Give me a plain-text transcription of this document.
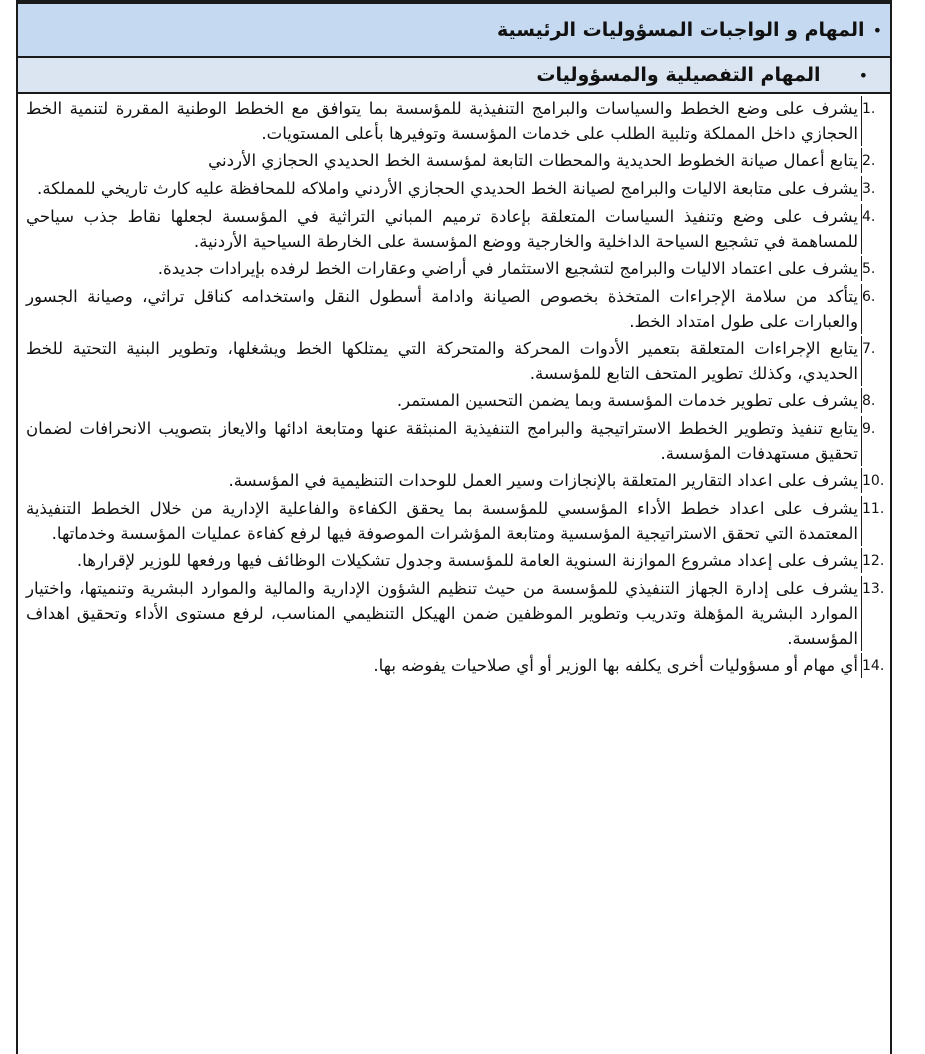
•
المهام و الواجبات المسؤوليات الرئيسية
•
المهام التفصيلية والمسؤوليات
1.
يشرف على وضع الخطط والسياسات والبرامج التنفيذية للمؤسسة بما يتوافق مع الخطط الوطنية المقررة لتنمية الخط الحجازي داخل المملكة وتلبية الطلب على خدمات المؤسسة وتوفيرها بأعلى المستويات.
2.
يتابع أعمال صيانة الخطوط الحديدية والمحطات التابعة لمؤسسة الخط الحديدي الحجازي الأردني
3.
يشرف على متابعة الاليات والبرامج لصيانة الخط الحديدي الحجازي الأردني واملاكه للمحافظة عليه كارث تاريخي للمملكة.
4.
يشرف على وضع وتنفيذ السياسات المتعلقة بإعادة ترميم المباني التراثية في المؤسسة لجعلها نقاط جذب سياحي للمساهمة في تشجيع السياحة الداخلية والخارجية ووضع المؤسسة على الخارطة السياحية الأردنية.
5.
يشرف على اعتماد الاليات والبرامج لتشجيع الاستثمار في أراضي وعقارات الخط لرفده بإيرادات جديدة.
6.
يتأكد من سلامة الإجراءات المتخذة بخصوص الصيانة وادامة أسطول النقل واستخدامه كناقل تراثي، وصيانة الجسور والعبارات على طول امتداد الخط.
7.
يتابع الإجراءات المتعلقة بتعمير الأدوات المحركة والمتحركة التي يمتلكها الخط ويشغلها، وتطوير البنية التحتية للخط الحديدي، وكذلك تطوير المتحف التابع للمؤسسة.
8.
يشرف على تطوير خدمات المؤسسة وبما يضمن التحسين المستمر.
9.
يتابع تنفيذ وتطوير الخطط الاستراتيجية والبرامج التنفيذية المنبثقة عنها ومتابعة ادائها والايعاز بتصويب الانحرافات لضمان تحقيق مستهدفات المؤسسة.
10.
يشرف على اعداد التقارير المتعلقة بالإنجازات وسير العمل للوحدات التنظيمية في المؤسسة.
11.
يشرف على اعداد خطط الأداء المؤسسي للمؤسسة بما يحقق الكفاءة والفاعلية الإدارية من خلال الخطط التنفيذية المعتمدة التي تحقق الاستراتيجية المؤسسية ومتابعة المؤشرات الموصوفة فيها لرفع كفاءة عمليات المؤسسة وخدماتها.
12.
يشرف على إعداد مشروع الموازنة السنوية العامة للمؤسسة وجدول تشكيلات الوظائف فيها ورفعها للوزير لإقرارها.
13.
يشرف على إدارة الجهاز التنفيذي للمؤسسة من حيث تنظيم الشؤون الإدارية والمالية والموارد البشرية وتنميتها، واختيار الموارد البشرية المؤهلة وتدريب وتطوير الموظفين ضمن الهيكل التنظيمي المناسب، لرفع مستوى الأداء وتحقيق اهداف المؤسسة.
14.
أي مهام أو مسؤوليات أخرى يكلفه بها الوزير أو أي صلاحيات يفوضه بها.
